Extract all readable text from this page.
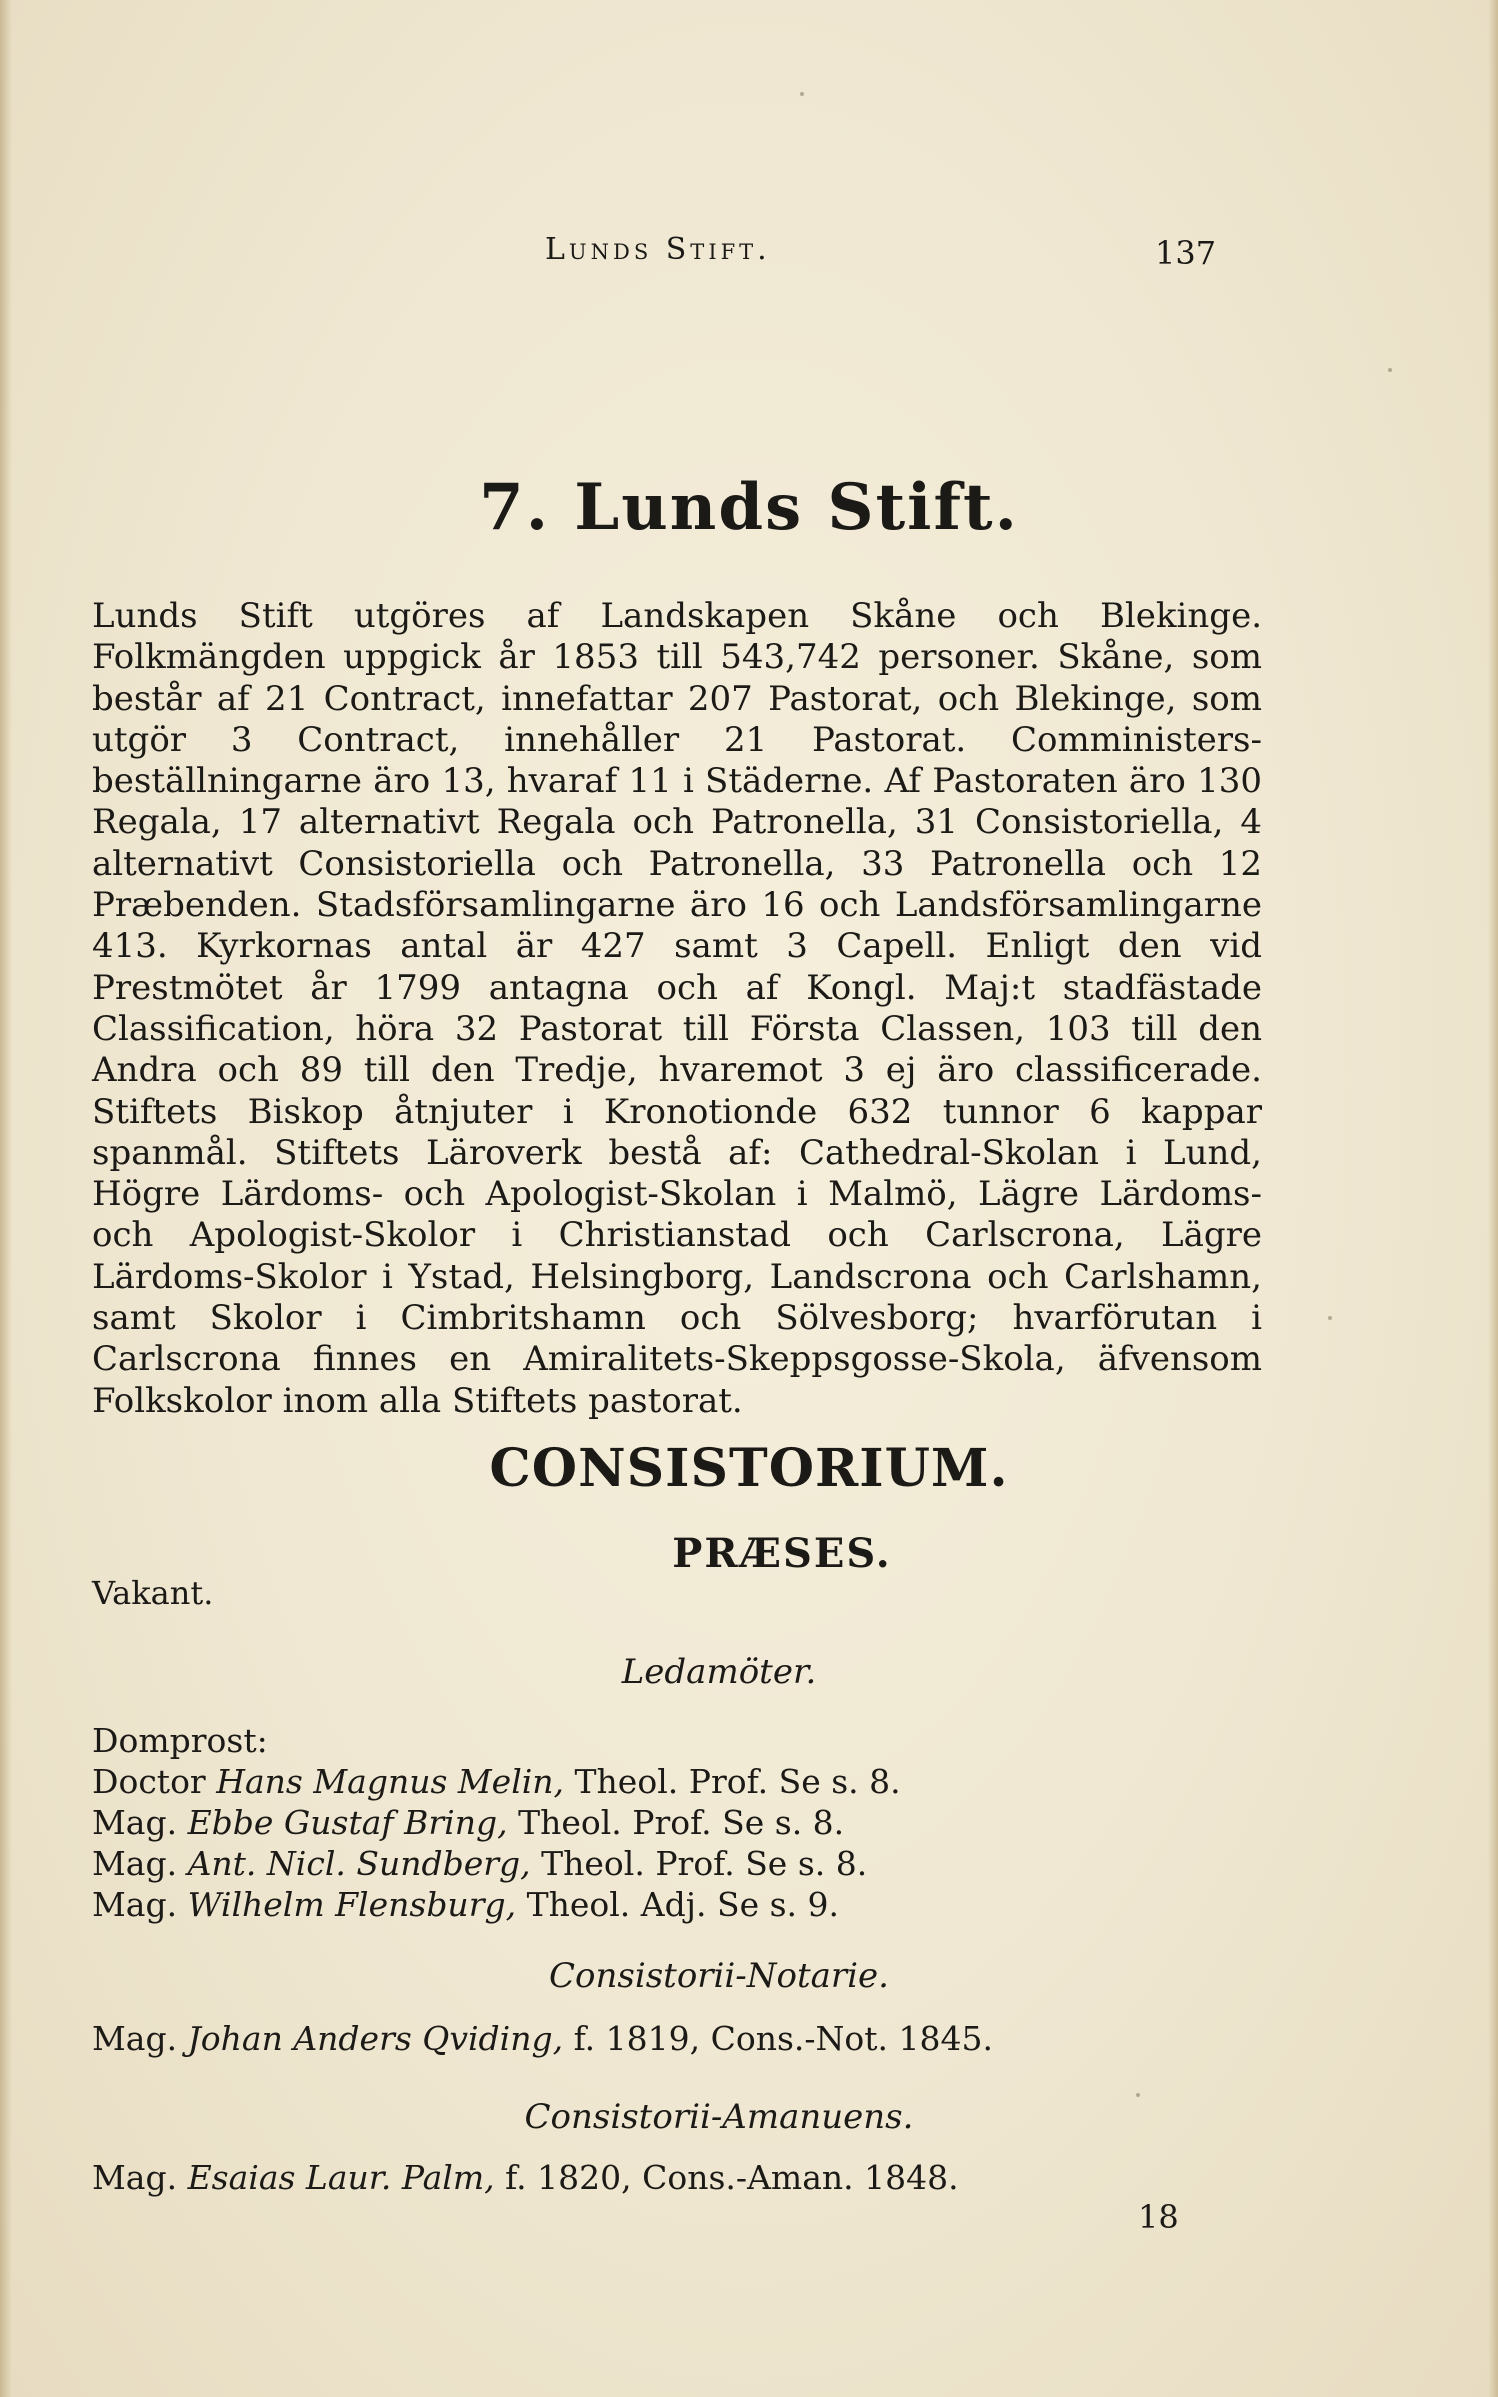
Lunds Stift.	137
7. Lunds Stift.
Lunds Stift utgöres af Landskapen Skåne och Blekinge. Folkmängden uppgick år 1853 till 543,742 personer. Skåne, som består af 21 Contract, innefattar 207 Pastorat, och Blekinge, som utgör 3 Contract, innehåller 21 Pastorat. Comministers-beställningarne äro 13, hvaraf 11 i Städerne. Af Pastoraten äro 130 Regala, 17 alternativt Regala och Patronella, 31 Consistoriella, 4 alternativt Consistoriella och Patronella, 33 Patronella och 12 Præbenden. Stadsförsamlingarne äro 16 och Landsförsamlingarne 413. Kyrkornas antal är 427 samt 3 Capell. Enligt den vid Prestmötet år 1799 antagna och af Kongl. Maj:t stadfästade Classification, höra 32 Pastorat till Första Classen, 103 till den Andra och 89 till den Tredje, hvaremot 3 ej äro classificerade. Stiftets Biskop åtnjuter i Kronotionde 632 tunnor 6 kappar spanmål. Stiftets Läroverk bestå af: Cathedral-Skolan i Lund, Högre Lärdoms- och Apologist-Skolan i Malmö, Lägre Lärdoms- och Apologist-Skolor i Christianstad och Carlscrona, Lägre Lärdoms-Skolor i Ystad, Helsingborg, Landscrona och Carlshamn, samt Skolor i Cimbritshamn och Sölvesborg; hvarförutan i Carlscrona finnes en Amiralitets-Skeppsgosse-Skola, äfvensom Folkskolor inom alla Stiftets pastorat.
CONSISTORIUM.
PRÆSES.
Vakant.
Ledamöter.
Domprost:
Doctor Hans Magnus Melin, Theol. Prof. Se s. 8.
Mag. Ebbe Gustaf Bring, Theol. Prof. Se s. 8.
Mag. Ant. Nicl. Sundberg, Theol. Prof. Se s. 8.
Mag. Wilhelm Flensburg, Theol. Adj. Se s. 9.
Consistorii-Notarie.
Mag. Johan Anders Qviding, f. 1819, Cons.-Not. 1845.
Consistorii-Amanuens.
Mag. Esaias Laur. Palm, f. 1820, Cons.-Aman. 1848.
18
